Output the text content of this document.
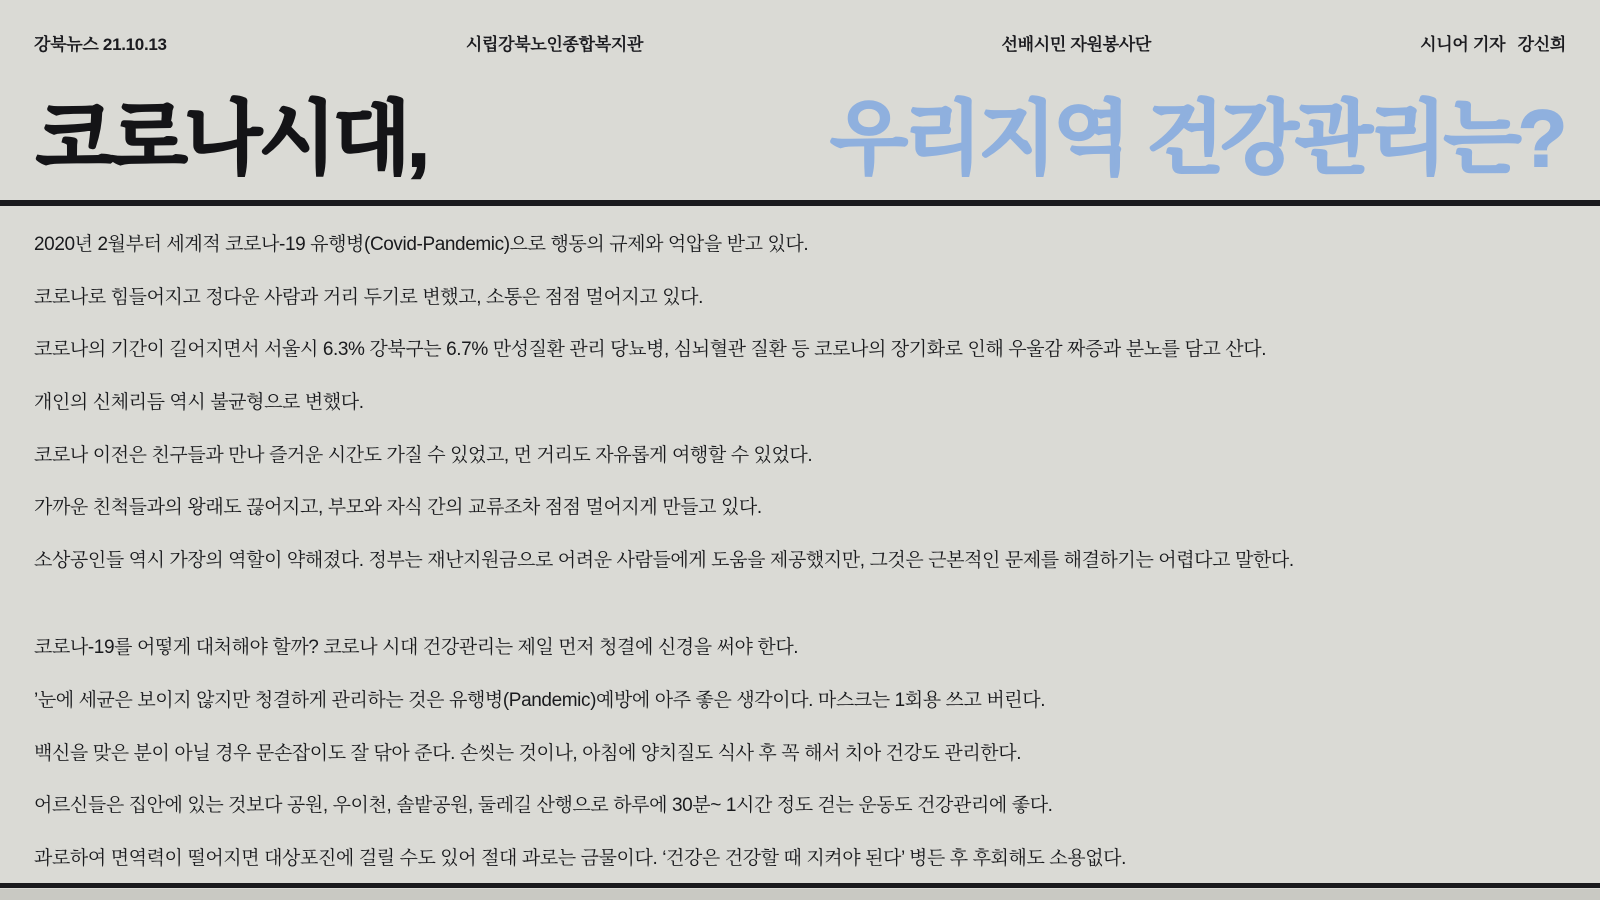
강북뉴스 21.10.13	시립강북노인종합복지관	선배시민 자원봉사단	시니어 기자 강신희
코로나시대,	우리지역 건강관리는?

2020년 2월부터 세계적 코로나-19 유행병(Covid-Pandemic)으로 행동의 규제와 억압을 받고 있다.

코로나로 힘들어지고 정다운 사람과 거리 두기로 변했고, 소통은 점점 멀어지고 있다.

코로나의 기간이 길어지면서 서울시 6.3% 강북구는 6.7% 만성질환 관리 당뇨병, 심뇌혈관 질환 등 코로나의 장기화로 인해 우울감 짜증과 분노를 담고 산다.

개인의 신체리듬 역시 불균형으로 변했다.

코로나 이전은 친구들과 만나 즐거운 시간도 가질 수 있었고, 먼 거리도 자유롭게 여행할 수 있었다.

가까운 친척들과의 왕래도 끊어지고, 부모와 자식 간의 교류조차 점점 멀어지게 만들고 있다.

소상공인들 역시 가장의 역할이 약해졌다. 정부는 재난지원금으로 어려운 사람들에게 도움을 제공했지만, 그것은 근본적인 문제를 해결하기는 어렵다고 말한다.

코로나-19를 어떻게 대처해야 할까? 코로나 시대 건강관리는 제일 먼저 청결에 신경을 써야 한다.

’눈에 세균은 보이지 않지만 청결하게 관리하는 것은 유행병(Pandemic)예방에 아주 좋은 생각이다. 마스크는 1회용 쓰고 버린다.

백신을 맞은 분이 아닐 경우 문손잡이도 잘 닦아 준다. 손씻는 것이나, 아침에 양치질도 식사 후 꼭 해서 치아 건강도 관리한다.

어르신들은 집안에 있는 것보다 공원, 우이천, 솔밭공원, 둘레길 산행으로 하루에 30분~ 1시간 정도 걷는 운동도 건강관리에 좋다.

과로하여 면역력이 떨어지면 대상포진에 걸릴 수도 있어 절대 과로는 금물이다. ‘건강은 건강할 때 지켜야 된다’ 병든 후 후회해도 소용없다.
